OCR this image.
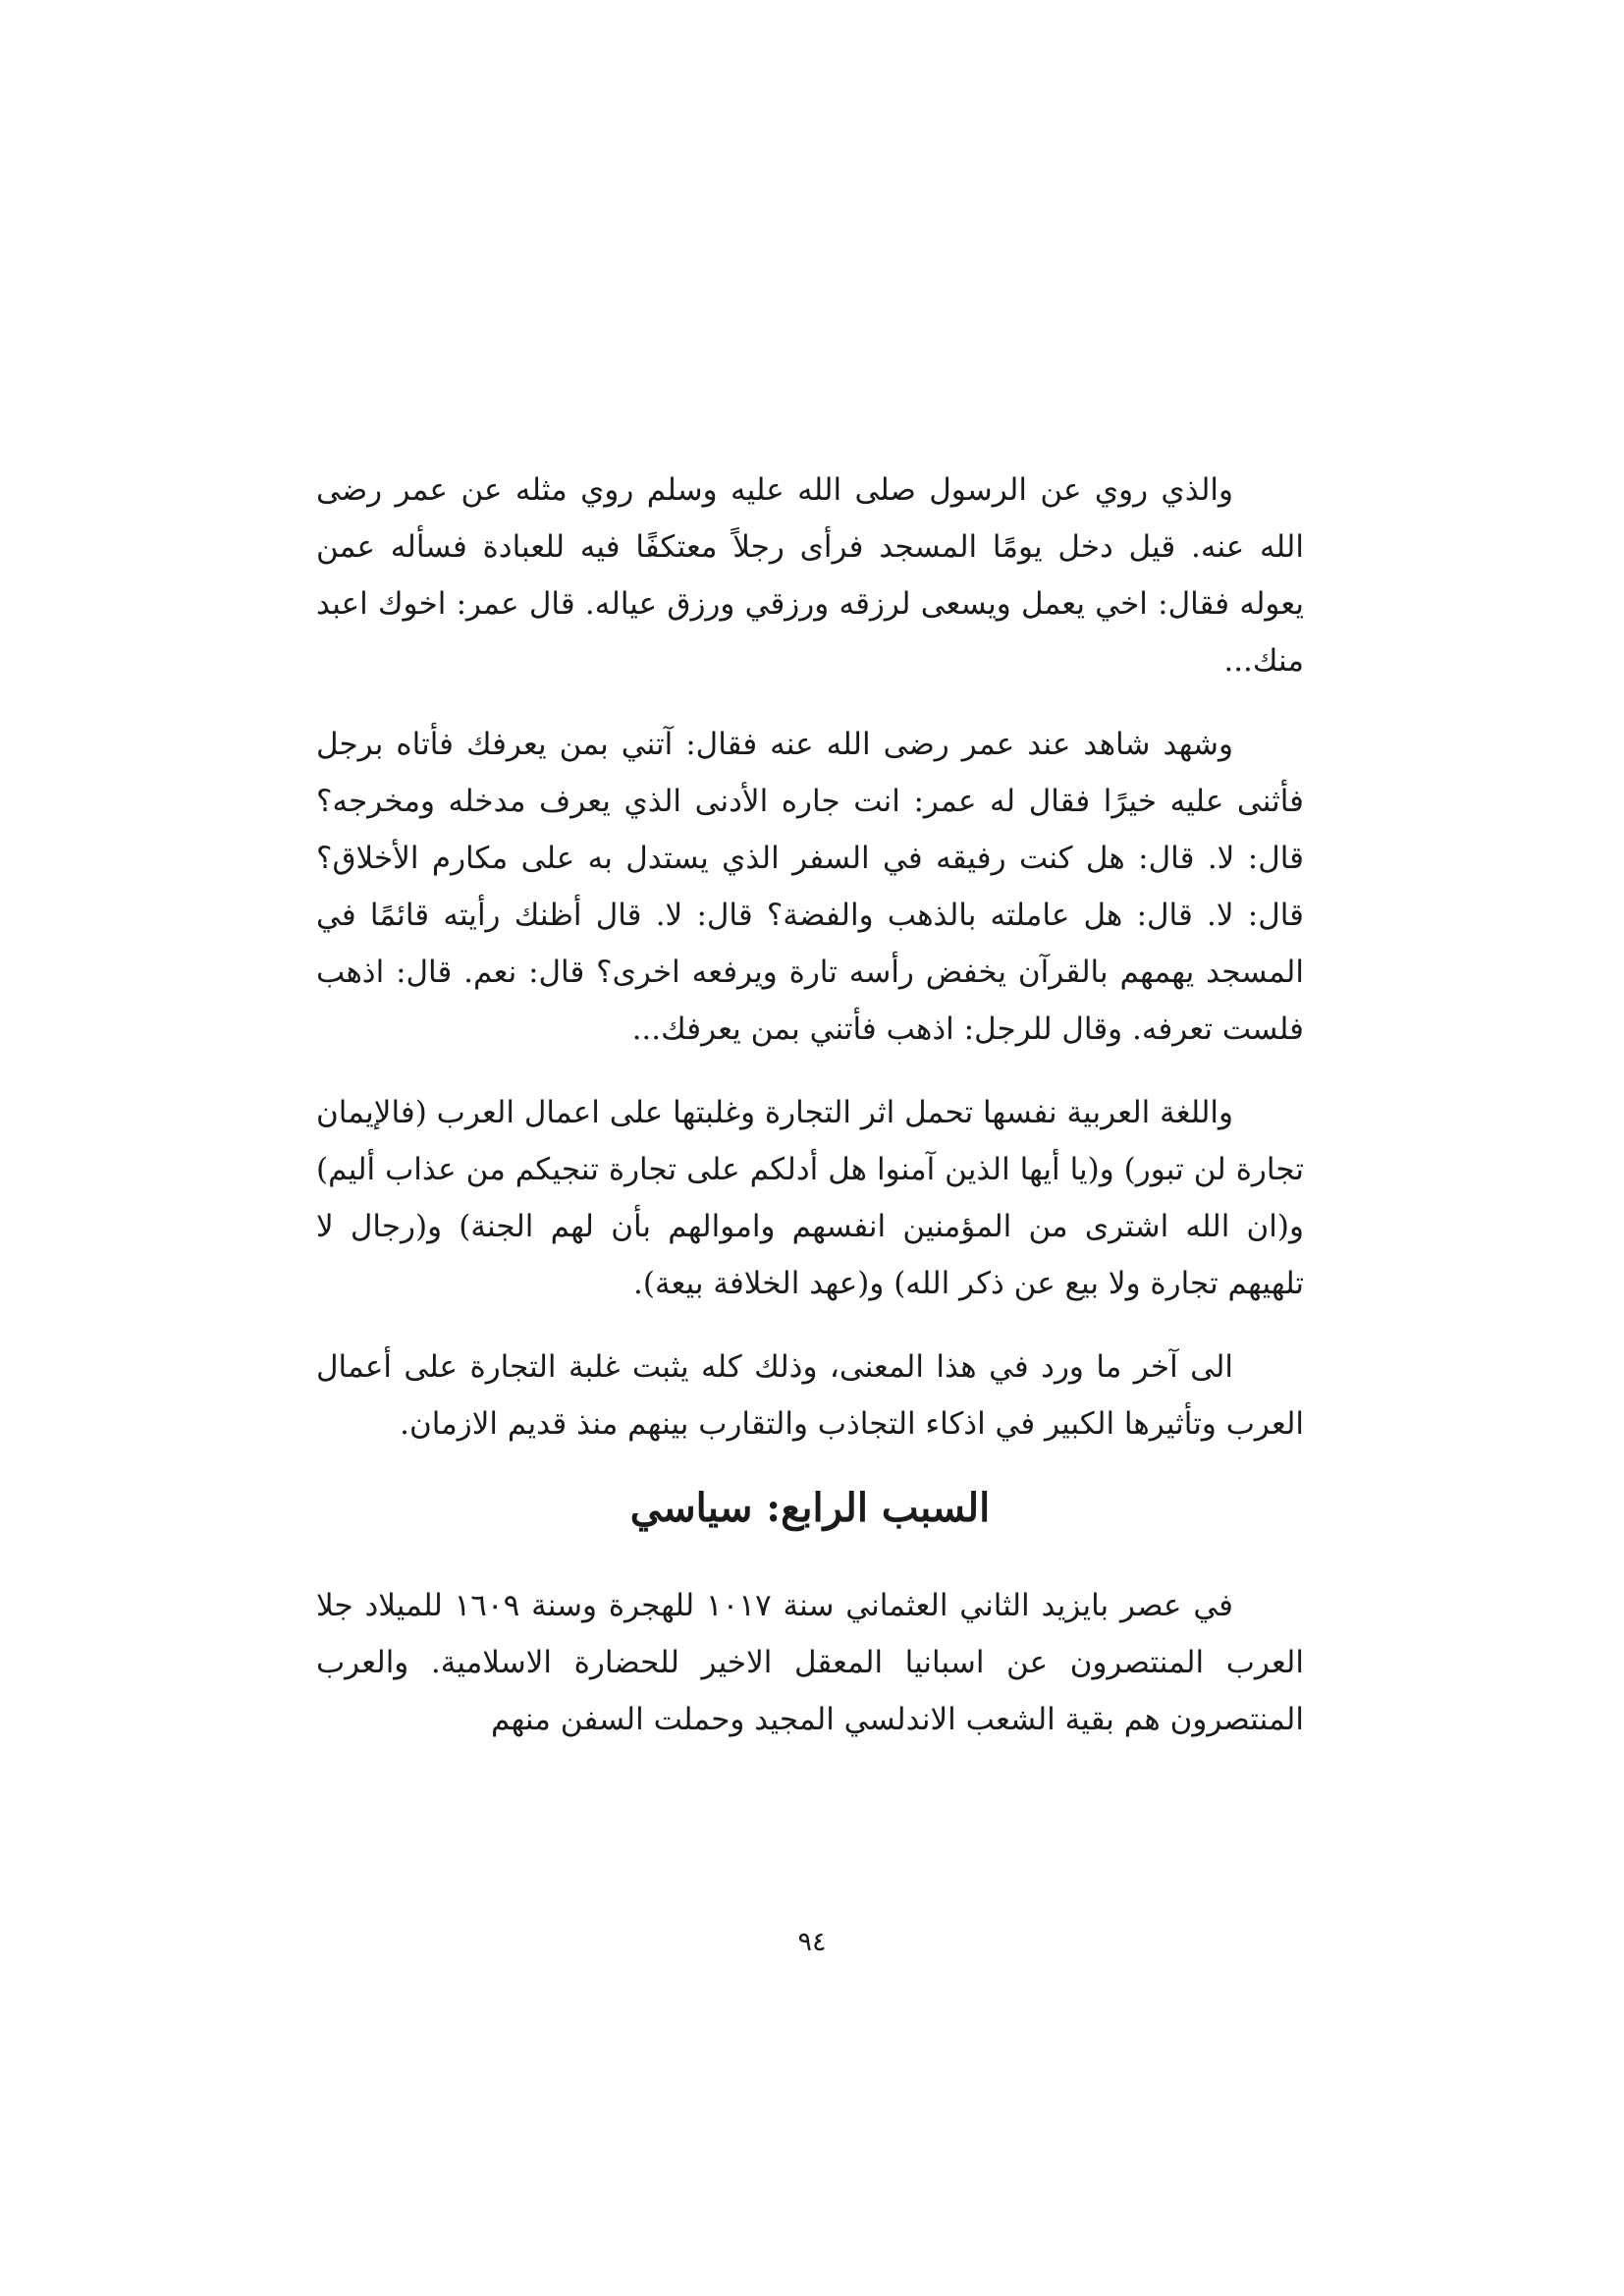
والذي روي عن الرسول صلى الله عليه وسلم روي مثله عن عمر رضى الله عنه. قيل دخل يومًا المسجد فرأى رجلاً معتكفًا فيه للعبادة فسأله عمن يعوله فقال: اخي يعمل ويسعى لرزقه ورزقي ورزق عياله. قال عمر: اخوك اعبد منك...

وشهد شاهد عند عمر رضى الله عنه فقال: آتني بمن يعرفك فأتاه برجل فأثنى عليه خيرًا فقال له عمر: انت جاره الأدنى الذي يعرف مدخله ومخرجه؟ قال: لا. قال: هل كنت رفيقه في السفر الذي يستدل به على مكارم الأخلاق؟ قال: لا. قال: هل عاملته بالذهب والفضة؟ قال: لا. قال أظنك رأيته قائمًا في المسجد يهمهم بالقرآن يخفض رأسه تارة ويرفعه اخرى؟ قال: نعم. قال: اذهب فلست تعرفه. وقال للرجل: اذهب فأتني بمن يعرفك...

واللغة العربية نفسها تحمل اثر التجارة وغلبتها على اعمال العرب (فالإيمان تجارة لن تبور) و(يا أيها الذين آمنوا هل أدلكم على تجارة تنجيكم من عذاب أليم) و(ان الله اشترى من المؤمنين انفسهم واموالهم بأن لهم الجنة) و(رجال لا تلهيهم تجارة ولا بيع عن ذكر الله) و(عهد الخلافة بيعة).

الى آخر ما ورد في هذا المعنى، وذلك كله يثبت غلبة التجارة على أعمال العرب وتأثيرها الكبير في اذكاء التجاذب والتقارب بينهم منذ قديم الازمان.

السبب الرابع: سياسي

في عصر بايزيد الثاني العثماني سنة ١٠١٧ للهجرة وسنة ١٦٠٩ للميلاد جلا العرب المنتصرون عن اسبانيا المعقل الاخير للحضارة الاسلامية. والعرب المنتصرون هم بقية الشعب الاندلسي المجيد وحملت السفن منهم

٩٤
